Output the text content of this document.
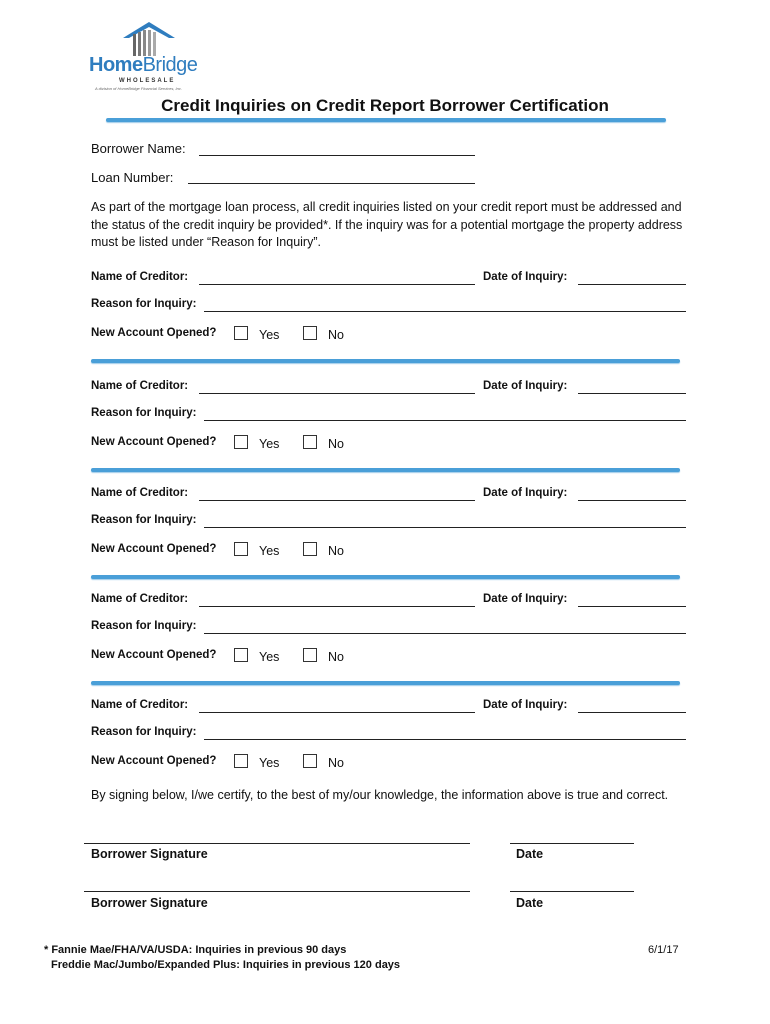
HomeBridge
WHOLESALE
A division of HomeBridge Financial Services, Inc.
Credit Inquiries on Credit Report Borrower Certification
Borrower Name:
Loan Number:
As part of the mortgage loan process, all credit inquiries listed on your credit report must be addressed and the status of the credit inquiry be provided*. If the inquiry was for a potential mortgage the property address must be listed under “Reason for Inquiry”.
Name of Creditor:	Date of Inquiry:
Reason for Inquiry:
New Account Opened?	Yes	No
Name of Creditor:	Date of Inquiry:
Reason for Inquiry:
New Account Opened?	Yes	No
Name of Creditor:	Date of Inquiry:
Reason for Inquiry:
New Account Opened?	Yes	No
Name of Creditor:	Date of Inquiry:
Reason for Inquiry:
New Account Opened?	Yes	No
Name of Creditor:	Date of Inquiry:
Reason for Inquiry:
New Account Opened?	Yes	No
By signing below, I/we certify, to the best of my/our knowledge, the information above is true and correct.
Borrower Signature	Date
Borrower Signature	Date
* Fannie Mae/FHA/VA/USDA: Inquiries in previous 90 days
Freddie Mac/Jumbo/Expanded Plus: Inquiries in previous 120 days
6/1/17
